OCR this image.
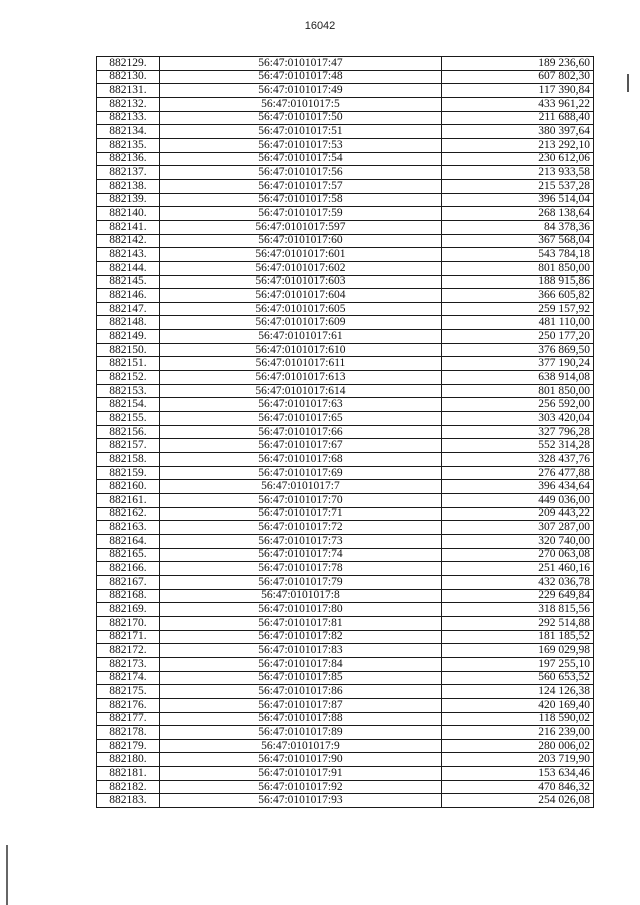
16042
882129.	56:47:0101017:47	189 236,60
882130.	56:47:0101017:48	607 802,30
882131.	56:47:0101017:49	117 390,84
882132.	56:47:0101017:5	433 961,22
882133.	56:47:0101017:50	211 688,40
882134.	56:47:0101017:51	380 397,64
882135.	56:47:0101017:53	213 292,10
882136.	56:47:0101017:54	230 612,06
882137.	56:47:0101017:56	213 933,58
882138.	56:47:0101017:57	215 537,28
882139.	56:47:0101017:58	396 514,04
882140.	56:47:0101017:59	268 138,64
882141.	56:47:0101017:597	84 378,36
882142.	56:47:0101017:60	367 568,04
882143.	56:47:0101017:601	543 784,18
882144.	56:47:0101017:602	801 850,00
882145.	56:47:0101017:603	188 915,86
882146.	56:47:0101017:604	366 605,82
882147.	56:47:0101017:605	259 157,92
882148.	56:47:0101017:609	481 110,00
882149.	56:47:0101017:61	250 177,20
882150.	56:47:0101017:610	376 869,50
882151.	56:47:0101017:611	377 190,24
882152.	56:47:0101017:613	638 914,08
882153.	56:47:0101017:614	801 850,00
882154.	56:47:0101017:63	256 592,00
882155.	56:47:0101017:65	303 420,04
882156.	56:47:0101017:66	327 796,28
882157.	56:47:0101017:67	552 314,28
882158.	56:47:0101017:68	328 437,76
882159.	56:47:0101017:69	276 477,88
882160.	56:47:0101017:7	396 434,64
882161.	56:47:0101017:70	449 036,00
882162.	56:47:0101017:71	209 443,22
882163.	56:47:0101017:72	307 287,00
882164.	56:47:0101017:73	320 740,00
882165.	56:47:0101017:74	270 063,08
882166.	56:47:0101017:78	251 460,16
882167.	56:47:0101017:79	432 036,78
882168.	56:47:0101017:8	229 649,84
882169.	56:47:0101017:80	318 815,56
882170.	56:47:0101017:81	292 514,88
882171.	56:47:0101017:82	181 185,52
882172.	56:47:0101017:83	169 029,98
882173.	56:47:0101017:84	197 255,10
882174.	56:47:0101017:85	560 653,52
882175.	56:47:0101017:86	124 126,38
882176.	56:47:0101017:87	420 169,40
882177.	56:47:0101017:88	118 590,02
882178.	56:47:0101017:89	216 239,00
882179.	56:47:0101017:9	280 006,02
882180.	56:47:0101017:90	203 719,90
882181.	56:47:0101017:91	153 634,46
882182.	56:47:0101017:92	470 846,32
882183.	56:47:0101017:93	254 026,08
